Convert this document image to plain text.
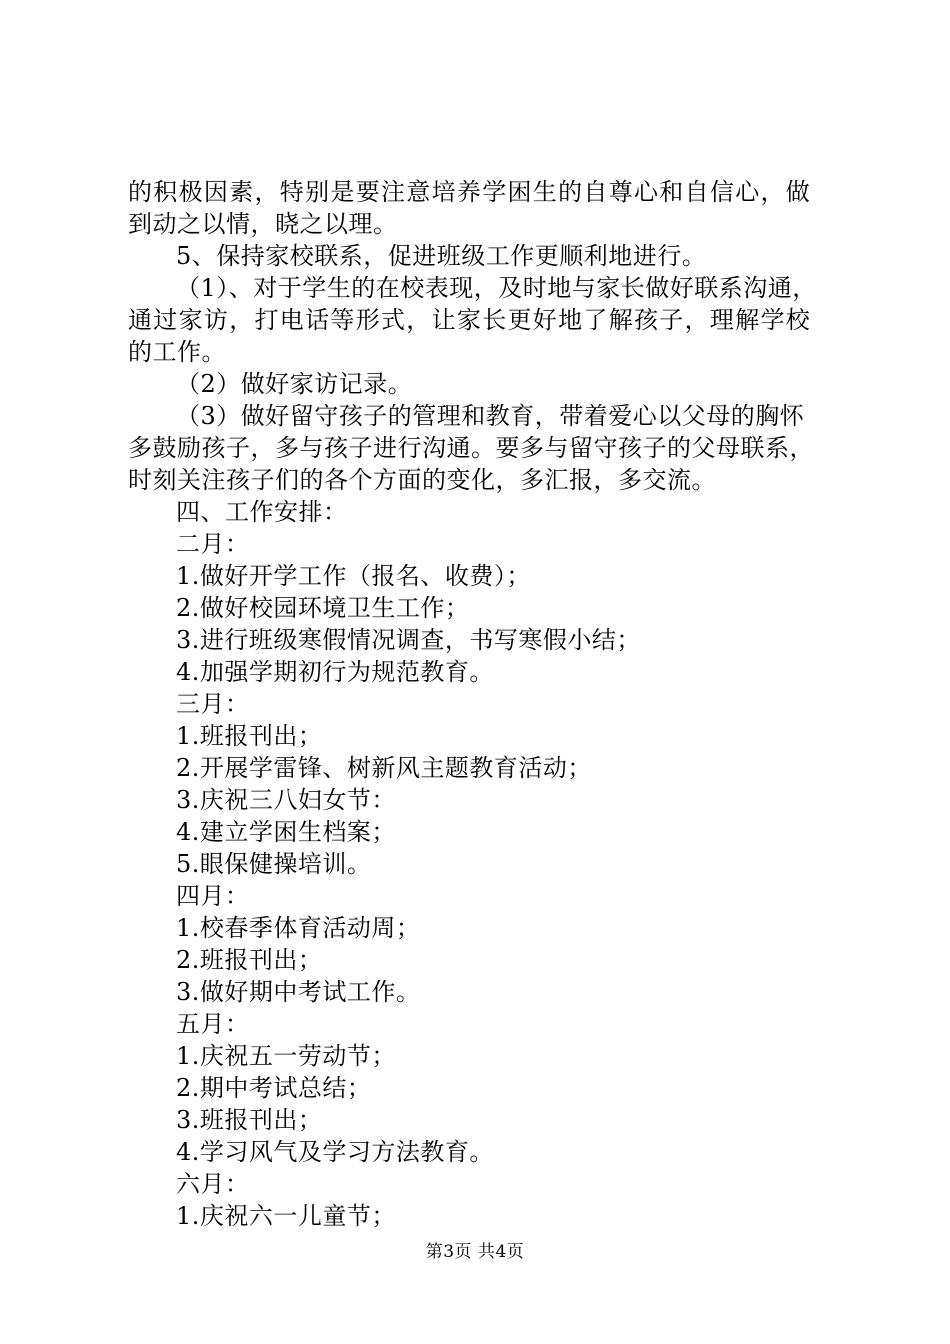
的积极因素，特别是要注意培养学困生的自尊心和自信心，做
到动之以情，晓之以理。
5、保持家校联系，促进班级工作更顺利地进行。
（1）、对于学生的在校表现，及时地与家长做好联系沟通，
通过家访，打电话等形式，让家长更好地了解孩子，理解学校
的工作。
（2）做好家访记录。
（3）做好留守孩子的管理和教育，带着爱心以父母的胸怀
多鼓励孩子，多与孩子进行沟通。要多与留守孩子的父母联系，
时刻关注孩子们的各个方面的变化，多汇报，多交流。
四、工作安排：
二月：
1.做好开学工作（报名、收费）；
2.做好校园环境卫生工作；
3.进行班级寒假情况调查，书写寒假小结；
4.加强学期初行为规范教育。
三月：
1.班报刊出；
2.开展学雷锋、树新风主题教育活动；
3.庆祝三八妇女节：
4.建立学困生档案；
5.眼保健操培训。
四月：
1.校春季体育活动周；
2.班报刊出；
3.做好期中考试工作。
五月：
1.庆祝五一劳动节；
2.期中考试总结；
3.班报刊出；
4.学习风气及学习方法教育。
六月：
1.庆祝六一儿童节；
第3页 共4页
